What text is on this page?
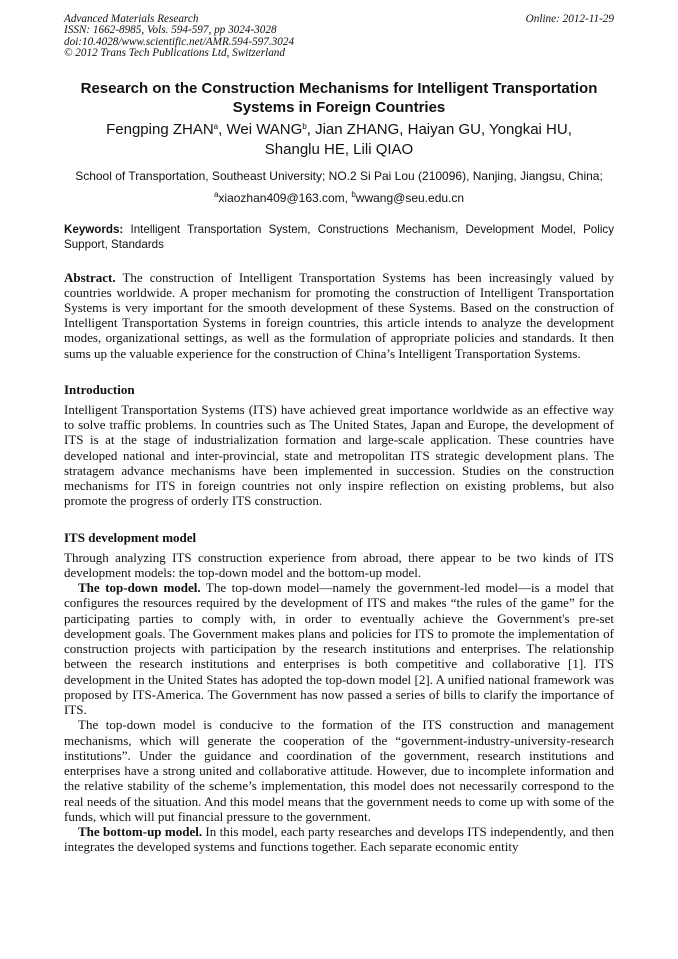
Advanced Materials Research
ISSN: 1662-8985, Vols. 594-597, pp 3024-3028
doi:10.4028/www.scientific.net/AMR.594-597.3024
© 2012 Trans Tech Publications Ltd, Switzerland
Online: 2012-11-29
Research on the Construction Mechanisms for Intelligent Transportation Systems in Foreign Countries
Fengping ZHAN$^a$, Wei WANG$^b$, Jian ZHANG, Haiyan GU, Yongkai HU,
Shanglu HE, Lili QIAO
School of Transportation, Southeast University; NO.2 Si Pai Lou (210096), Nanjing, Jiangsu, China;
$^a$xiaozhan409@163.com, $^b$wwang@seu.edu.cn
Keywords: Intelligent Transportation System, Constructions Mechanism, Development Model, Policy Support, Standards
Abstract. The construction of Intelligent Transportation Systems has been increasingly valued by countries worldwide. A proper mechanism for promoting the construction of Intelligent Transportation Systems is very important for the smooth development of these Systems. Based on the construction of Intelligent Transportation Systems in foreign countries, this article intends to analyze the development modes, organizational settings, as well as the formulation of appropriate policies and standards. It then sums up the valuable experience for the construction of China’s Intelligent Transportation Systems.
Introduction

Intelligent Transportation Systems (ITS) have achieved great importance worldwide as an effective way to solve traffic problems. In countries such as The United States, Japan and Europe, the development of ITS is at the stage of industrialization formation and large-scale application. These countries have developed national and inter-provincial, state and metropolitan ITS strategic development plans. The stratagem advance mechanisms have been implemented in succession. Studies on the construction mechanisms for ITS in foreign countries not only inspire reflection on existing problems, but also promote the progress of orderly ITS construction.

ITS development model

Through analyzing ITS construction experience from abroad, there appear to be two kinds of ITS development models: the top-down model and the bottom-up model.

The top-down model. The top-down model—namely the government-led model—is a model that configures the resources required by the development of ITS and makes “the rules of the game” for the participating parties to comply with, in order to eventually achieve the Government's pre-set development goals. The Government makes plans and policies for ITS to promote the implementation of construction projects with participation by the research institutions and enterprises. The relationship between the research institutions and enterprises is both competitive and collaborative [1]. ITS development in the United States has adopted the top-down model [2]. A unified national framework was proposed by ITS-America. The Government has now passed a series of bills to clarify the importance of ITS.

The top-down model is conducive to the formation of the ITS construction and management mechanisms, which will generate the cooperation of the “government-industry-university-research institutions”. Under the guidance and coordination of the government, research institutions and enterprises have a strong united and collaborative attitude. However, due to incomplete information and the relative stability of the scheme’s implementation, this model does not necessarily correspond to the real needs of the situation. And this model means that the government needs to come up with some of the funds, which will put financial pressure to the government.

The bottom-up model. In this model, each party researches and develops ITS independently, and then integrates the developed systems and functions together. Each separate economic entity
